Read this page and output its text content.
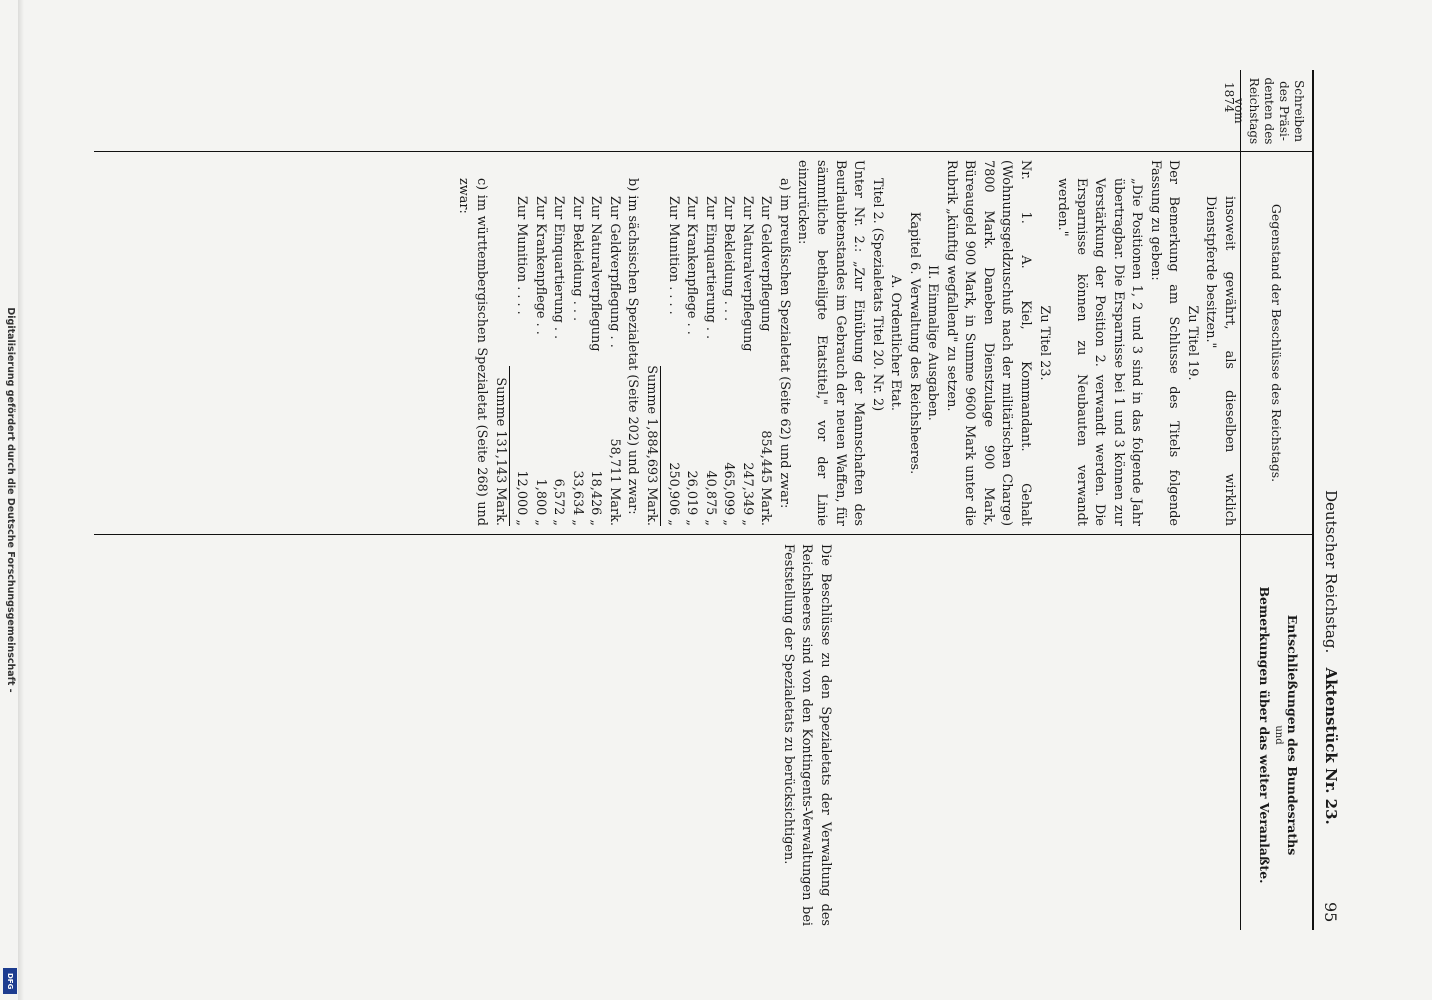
Digitalisierung gefördert durch die Deutsche Forschungsgemeinschaft -
DFG
Deutscher Reichstag.   Aktenstück Nr. 23.
95
Schreiben
des Präsi-
denten des
Reichstags
vom
Gegenstand der Beschlüsse des Reichstags.
Entschließungen des Bundesraths
und
Bemerkungen über das weiter Veranlaßte.
1874
insoweit gewährt, als dieselben wirklich Dienstpferde besitzen."
Zu Titel 19.
Der Bemerkung am Schlusse des Titels folgende Fassung zu geben:
„Die Positionen 1, 2 und 3 sind in das folgende Jahr übertragbar. Die Ersparnisse bei 1 und 3 können zur Verstärkung der Position 2. verwandt werden. Die Ersparnisse können zu Neubauten verwandt werden."
Zu Titel 23.
Nr. 1. A. Kiel, Kommandant. Gehalt (Wohnungsgeldzuschuß nach der militärischen Charge) 7800 Mark. Daneben Dienstzulage 900 Mark, Büreaugeld 900 Mark, in Summe 9600 Mark unter die Rubrik „künftig wegfallend" zu setzen.
II. Einmalige Ausgaben.
Kapitel 6. Verwaltung des Reichsheeres.
A. Ordentlicher Etat.
Titel 2. (Spezialetats Titel 20. Nr. 2)
Unter Nr. 2.: „Zur Einübung der Mannschaften des Beurlaubtenstandes im Gebrauch der neuen Waffen, für sämmtliche betheiligte Etatstitel," vor der Linie einzurücken:
a) im preußischen Spezialetat (Seite 62) und zwar:
Zur Geldverpflegung
854,445 Mark.
Zur Naturalverpflegung
247,349 „
Zur Bekleidung . . .
465,099 „
Zur Einquartierung . .
40,875 „
Zur Krankenpflege . .
26,019 „
Zur Munition . . . .
250,906 „
Summe 1,884,693 Mark.
b) im sächsischen Spezialetat (Seite 202) und zwar:
Zur Geldverpflegung . .
58,711 Mark.
Zur Naturalverpflegung
18,426 „
Zur Bekleidung . . .
33,634 „
Zur Einquartierung . .
6,572 „
Zur Krankenpflege . .
1,800 „
Zur Munition . . . .
12,000 „
Summe 131,143 Mark.
c) im württembergischen Spezialetat (Seite 268) und zwar:
Die Beschlüsse zu den Spezialetats der Verwaltung des Reichsheeres sind von den Kontingents-Verwaltungen bei Feststellung der Spezialetats zu berücksichtigen.
